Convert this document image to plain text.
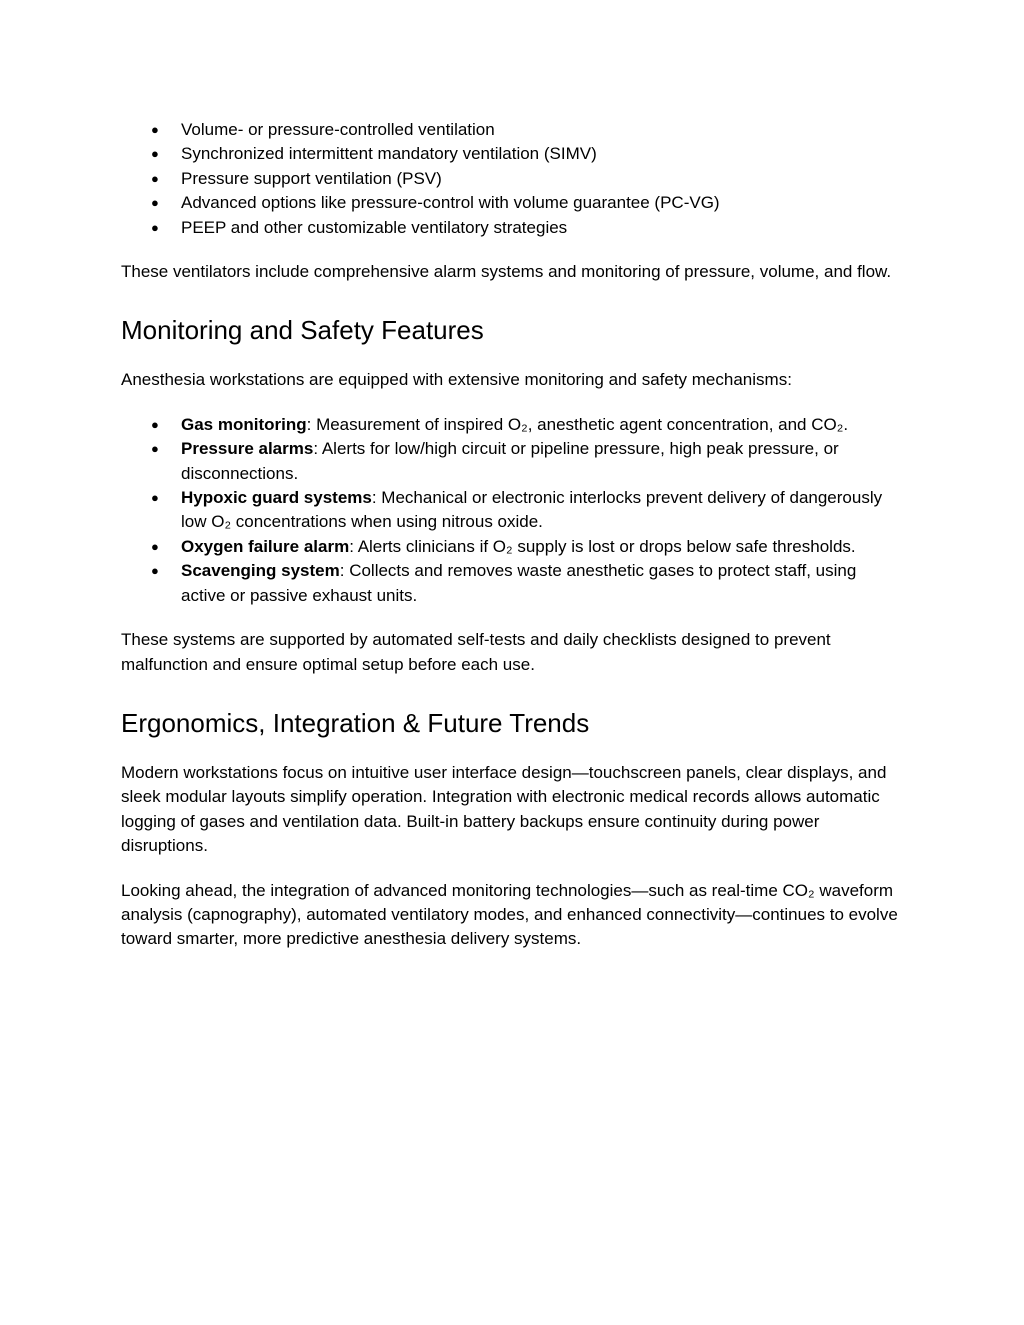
● Volume‑ or pressure‑controlled ventilation
● Synchronized intermittent mandatory ventilation (SIMV)
● Pressure support ventilation (PSV)
● Advanced options like pressure‑control with volume guarantee (PC‑VG)
● PEEP and other customizable ventilatory strategies

These ventilators include comprehensive alarm systems and monitoring of pressure, volume, and flow.

Monitoring and Safety Features

Anesthesia workstations are equipped with extensive monitoring and safety mechanisms:

● Gas monitoring: Measurement of inspired O₂, anesthetic agent concentration, and CO₂.
● Pressure alarms: Alerts for low/high circuit or pipeline pressure, high peak pressure, or disconnections.
● Hypoxic guard systems: Mechanical or electronic interlocks prevent delivery of dangerously low O₂ concentrations when using nitrous oxide.
● Oxygen failure alarm: Alerts clinicians if O₂ supply is lost or drops below safe thresholds.
● Scavenging system: Collects and removes waste anesthetic gases to protect staff, using active or passive exhaust units.

These systems are supported by automated self-tests and daily checklists designed to prevent malfunction and ensure optimal setup before each use.

Ergonomics, Integration & Future Trends

Modern workstations focus on intuitive user interface design—touchscreen panels, clear displays, and sleek modular layouts simplify operation. Integration with electronic medical records allows automatic logging of gases and ventilation data. Built-in battery backups ensure continuity during power disruptions.

Looking ahead, the integration of advanced monitoring technologies—such as real‑time CO₂ waveform analysis (capnography), automated ventilatory modes, and enhanced connectivity—continues to evolve toward smarter, more predictive anesthesia delivery systems.
